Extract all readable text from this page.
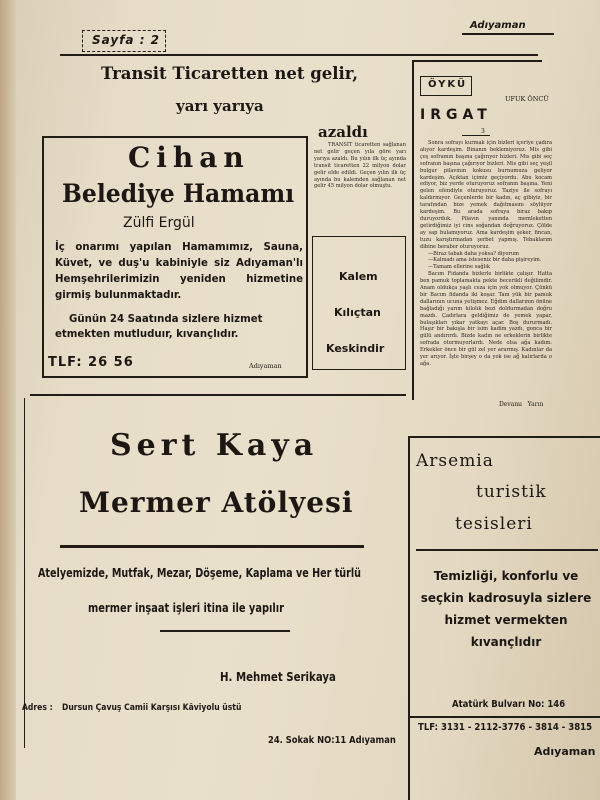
Sayfa : 2
Adıyaman
Transit Ticaretten net gelir,
yarı yarıya
azaldı
Cihan
Belediye Hamamı
Zülfi Ergül
İç onarımı yapılan Hamamımız, Sauna, Küvet, ve duş'u kabiniyle siz Adıyaman'lı Hemşehrilerimizin yeniden hizmetine girmiş bulunmaktadır.
Günün 24 Saatında sizlere hizmet etmekten mutluduır, kıvançlıdır.
TLF: 26 56	Adıyaman
TRANSİT ticaretten sağlanan net gelir geçen yıla göre yarı yarıya azaldı. Bu yılın ilk üç ayında transit ticaretten 22 milyon dolar gelir elde edildi. Geçen yılın ilk üç ayında bu kalemden sağlanan net gelir 45 milyon dolar olmuştu.
Kalem
Kılıçtan
Keskindir
ÖYKÜ
UFUK ÖNCÜ
IRGAT
3

Sonra sofrayı kurmak için bizleri içeriye çadıra alıyor kardeşim. Binanın beklemiyoruz. Mis gibi çeş soframın başına çağırıyor bizleri. Mis gibi seç sofranın başına çağırıyor bizleri. Mis gibi seç yeşil bulgur pilavının kokusu burnumuza geliyor kardeşim. Açıktan içimiz geçiyordu. Abu kocam ediyor, biz yerde oturuyoruz sofranın başına. Yeni gelen efendiyle oturuyoruz. Taziye ile sofrayı kaldırmıyor. Geçenlerde bir kadın, aç gibiyiz, bir tarafından bize yemek dağıtmasını söylüyor kardeşim. Bu arada sofraya biraz bakıp duruyorduk. Pilavın yanında memleketten getirdiğimiz iyi cins soğandan doğruyoruz. Çölde ay sap bulamıyoruz. Ama kardeşim şeker, fincan, tuzu karıştırmadan şerbet yapmış. Tebaklarım dibine beraber oturuyoruz.

—Biraz tabak daha yoksa? diyorum

—Kalmadı ama isteseniz bir daha pişireyim.

—Tamam ellerine sağlık

Bacım Fidanda bizlerle birlikte çalışır. Hatta ben pamuk toplamakta pekte becerikli değilimdir. Anam oldukça yaşlı ceza için yok olmuyor. Çünkü bir Bacım fidanda iki koşar. Tam yük bir pamuk dallarının ucuna yetişmez. Eğdim dallarının önüne bağladığı yarım kilolık bezi doldurmadan doğru mazdı. Çadırlara geldiğimiz de yemek yapar, bulaşıkları yıkar yatkayı açar. Boş dururmadı. Haşır bir bakışla bir isim kadim yazdı, gonca bir gülü andırırdı. Bizde kadın ne erkeklerin birlikte sofrada oturmuyorlardı. Nede olsa ağa kadım. Erkekler önce bir gül zel yer ararmış. Kadınlar da yer arıyor. İşte birşey o da yok ise ağ kalırlarda o ağa.

Devamı   Yarın
Sert Kaya
Mermer Atölyesi
Atelyemizde, Mutfak, Mezar, Döşeme, Kaplama ve Her türlü
mermer inşaat işleri itina ile yapılır
H. Mehmet Serikaya
Adres : Dursun Çavuş Camii Karşısı Kâviyolu üstü
24. Sokak NO:11 Adıyaman
Arsemia
turistik
tesisleri
Temizliği, konforlu ve seçkin kadrosuyla sizlere hizmet vermekten kıvançlıdır
Atatürk Bulvarı No: 146
TLF: 3131 - 2112-3776 - 3814 - 3815
Adıyaman
